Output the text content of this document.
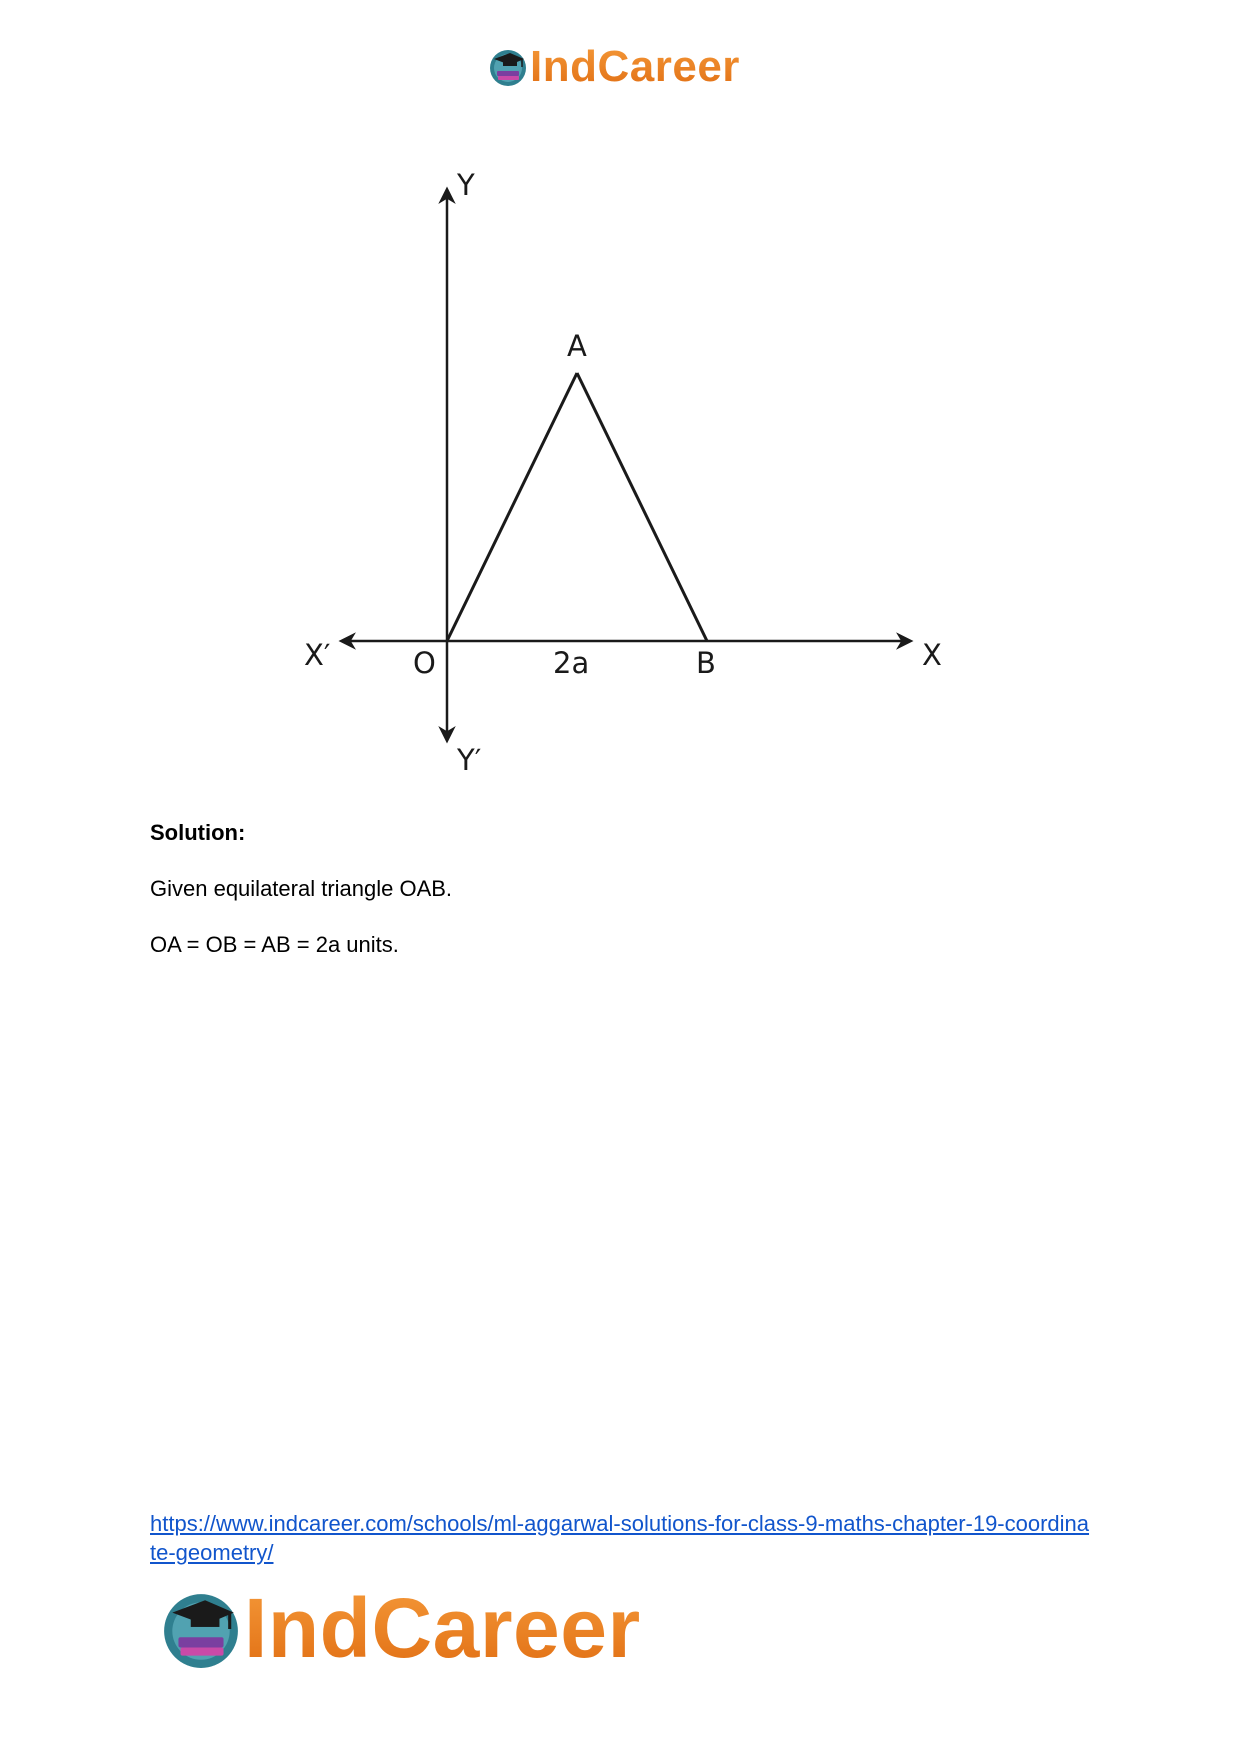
IndCareer
Y
Y′
X
X′	O
A
B
2a
Solution:
Given equilateral triangle OAB.
OA = OB = AB = 2a units.
https://www.indcareer.com/schools/ml-aggarwal-solutions-for-class-9-maths-chapter-19-coordinate-geometry/
IndCareer
